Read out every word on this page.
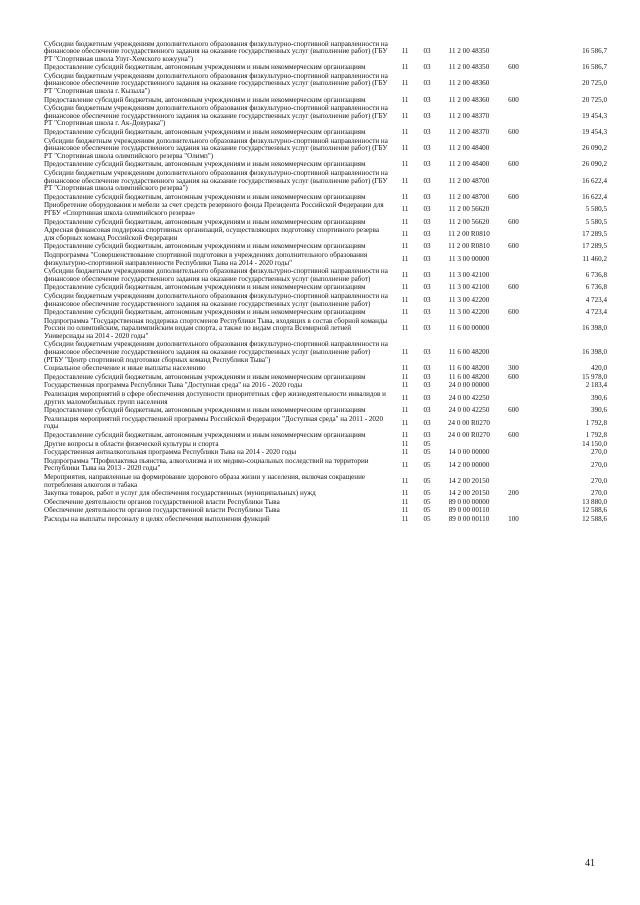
Субсидии бюджетным учреждениям дополнительного образования физкультурно-спортивной направленности на финансовое обеспечение государственного задания на оказание государственных услуг (выполнение работ) (ГБУ РТ "Спортивная школа Улуг-Хемского кожууна")	11	03	11 2 00 48350		16 586,7
Предоставление субсидий бюджетным, автономным учреждениям и иным некоммерческим организациям	11	03	11 2 00 48350	600	16 586,7
Субсидии бюджетным учреждениям дополнительного образования физкультурно-спортивной направленности на финансовое обеспечение государственного задания на оказание государственных услуг (выполнение работ) (ГБУ РТ "Спортивная школа г. Кызыла")	11	03	11 2 00 48360		20 725,0
Предоставление субсидий бюджетным, автономным учреждениям и иным некоммерческим организациям	11	03	11 2 00 48360	600	20 725,0
Субсидии бюджетным учреждениям дополнительного образования физкультурно-спортивной направленности на финансовое обеспечение государственного задания на оказание государственных услуг (выполнение работ) (ГБУ РТ "Спортивная школа г. Ак-Довурака")	11	03	11 2 00 48370		19 454,3
Предоставление субсидий бюджетным, автономным учреждениям и иным некоммерческим организациям	11	03	11 2 00 48370	600	19 454,3
Субсидии бюджетным учреждениям дополнительного образования физкультурно-спортивной направленности на финансовое обеспечение государственного задания на оказание государственных услуг (выполнение работ) (ГБУ РТ "Спортивная школа олимпийского резерва "Олимп")	11	03	11 2 00 48400		26 090,2
Предоставление субсидий бюджетным, автономным учреждениям и иным некоммерческим организациям	11	03	11 2 00 48400	600	26 090,2
Субсидии бюджетным учреждениям дополнительного образования физкультурно-спортивной направленности на финансовое обеспечение государственного задания на оказание государственных услуг (выполнение работ) (ГБУ РТ "Спортивная школа олимпийского резерва")	11	03	11 2 00 48700		16 622,4
Предоставление субсидий бюджетным, автономным учреждениям и иным некоммерческим организациям	11	03	11 2 00 48700	600	16 622,4
Приобретение оборудования и мебели за счет средств резервного фонда Президента Российской Федерации для РГБУ «Спортивная школа олимпийского резерва»	11	03	11 2 00 56620		5 580,5
Предоставление субсидий бюджетным, автономным учреждениям и иным некоммерческим организациям	11	03	11 2 00 56620	600	5 580,5
Адресная финансовая поддержка спортивных организаций, осуществляющих подготовку спортивного резерва для сборных команд Российской Федерации	11	03	11 2 00 R0810		17 289,5
Предоставление субсидий бюджетным, автономным учреждениям и иным некоммерческим организациям	11	03	11 2 00 R0810	600	17 289,5
Подпрограмма "Совершенствование спортивной подготовки в учреждениях дополнительного образования физкультурно-спортивной направленности Республики Тыва на 2014 - 2020 годы"	11	03	11 3 00 00000		11 460,2
Субсидии бюджетным учреждениям дополнительного образования физкультурно-спортивной направленности на финансовое обеспечение государственного задания на оказание государственных услуг (выполнение работ)	11	03	11 3 00 42100		6 736,8
Предоставление субсидий бюджетным, автономным учреждениям и иным некоммерческим организациям	11	03	11 3 00 42100	600	6 736,8
Субсидии бюджетным учреждениям дополнительного образования физкультурно-спортивной направленности на финансовое обеспечение государственного задания на оказание государственных услуг (выполнение работ)	11	03	11 3 00 42200		4 723,4
Предоставление субсидий бюджетным, автономным учреждениям и иным некоммерческим организациям	11	03	11 3 00 42200	600	4 723,4
Подпрограмма "Государственная поддержка спортсменов Республики Тыва, входящих в состав сборной команды России по олимпийским, паралимпийским видам спорта, а также по видам спорта Всемирной летней Универсиады на 2014 - 2020 годы"	11	03	11 6 00 00000		16 398,0
Субсидии бюджетным учреждениям дополнительного образования физкультурно-спортивной направленности на финансовое обеспечение государственного задания на оказание государственных услуг (выполнение работ) (РГБУ "Центр спортивной подготовки сборных команд Республики Тыва")	11	03	11 6 00 48200		16 398,0
Социальное обеспечение и иные выплаты населению	11	03	11 6 00 48200	300	420,0
Предоставление субсидий бюджетным, автономным учреждениям и иным некоммерческим организациям	11	03	11 6 00 48200	600	15 978,0
Государственная программа Республики Тыва "Доступная среда" на 2016 - 2020 годы	11	03	24 0 00 00000		2 183,4
Реализация мероприятий в сфере обеспечения доступности приоритетных сфер жизнедеятельности инвалидов и других маломобильных групп населения	11	03	24 0 00 42250		390,6
Предоставление субсидий бюджетным, автономным учреждениям и иным некоммерческим организациям	11	03	24 0 00 42250	600	390,6
Реализация мероприятий государственной программы Российской Федерации "Доступная среда" на 2011 - 2020 годы	11	03	24 0 00 R0270		1 792,8
Предоставление субсидий бюджетным, автономным учреждениям и иным некоммерческим организациям	11	03	24 0 00 R0270	600	1 792,8
Другие вопросы в области физической культуры и спорта	11	05			14 150,0
Государственная антиалкогольная программа Республики Тыва на 2014 - 2020 годы	11	05	14 0 00 00000		270,0
Подпрограмма "Профилактика пьянства, алкоголизма и их медико-социальных последствий на территории Республики Тыва на 2013 - 2020 годы"	11	05	14 2 00 00000		270,0
Мероприятия, направленные на формирование здорового образа жизни у населения, включая сокращение потребления алкоголя и табака	11	05	14 2 00 20150		270,0
Закупка товаров, работ и услуг для обеспечения государственных (муниципальных) нужд	11	05	14 2 00 20150	200	270,0
Обеспечение деятельности органов государственной власти Республики Тыва	11	05	89 0 00 00000		13 880,0
Обеспечение деятельности органов государственной власти Республики Тыва	11	05	89 0 00 00110		12 588,6
Расходы на выплаты персоналу в целях обеспечения выполнения функций	11	05	89 0 00 00110	100	12 588,6
41
